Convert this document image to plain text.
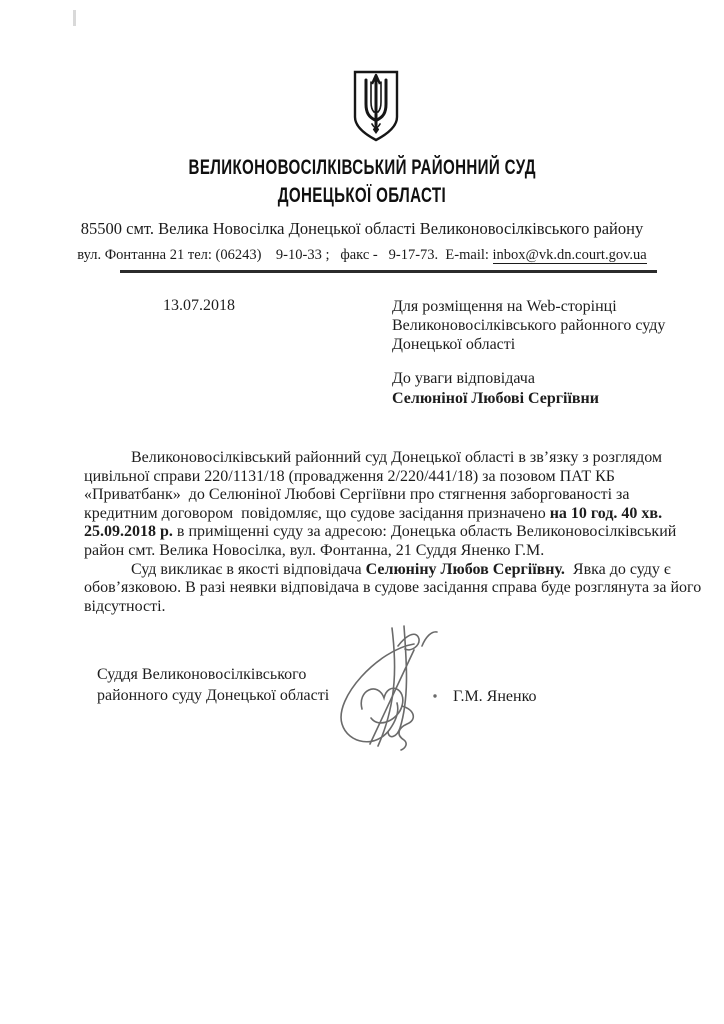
ВЕЛИКОНОВОСІЛКІВСЬКИЙ РАЙОННИЙ СУД
ДОНЕЦЬКОЇ ОБЛАСТІ
85500 смт. Велика Новосілка Донецької області Великоновосілківського району
вул. Фонтанна 21 тел: (06243)    9-10-33 ;   факс -   9-17-73.  E-mail: inbox@vk.dn.court.gov.ua
13.07.2018	Для розміщення на Web-сторінці
Великоновосілківського районного суду
Донецької області
До уваги відповідача
Селюніної Любові Сергіївни
Великоновосілківський районний суд Донецької області в зв’язку з розглядом
цивільної справи 220/1131/18 (провадження 2/220/441/18) за позовом ПАТ КБ
«Приватбанк»  до Селюніної Любові Сергіївни про стягнення заборгованості за
кредитним договором  повідомляє, що судове засідання призначено на 10 год. 40 хв.
25.09.2018 р. в приміщенні суду за адресою: Донецька область Великоновосілківський
район смт. Велика Новосілка, вул. Фонтанна, 21 Суддя Яненко Г.М.
Суд викликає в якості відповідача Селюніну Любов Сергіївну.  Явка до суду є
обов’язковою. В разі неявки відповідача в судове засідання справа буде розглянута за його
відсутності.
Суддя Великоновосілківського
районного суду Донецької області	Г.М. Яненко
